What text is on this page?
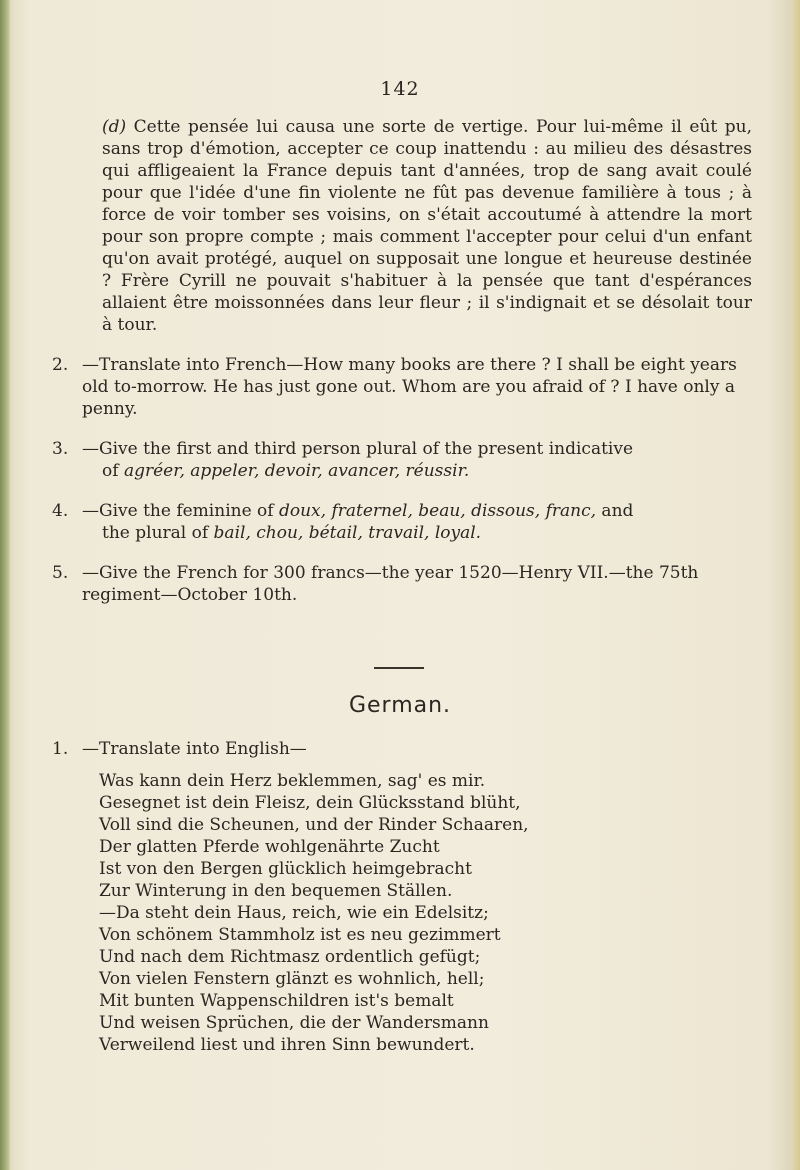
142

(d) Cette pensée lui causa une sorte de vertige. Pour lui-même il eût pu, sans trop d'émotion, accepter ce coup inattendu : au milieu des désastres qui affligeaient la France depuis tant d'années, trop de sang avait coulé pour que l'idée d'une fin violente ne fût pas devenue familière à tous ; à force de voir tomber ses voisins, on s'était accoutumé à attendre la mort pour son propre compte ; mais comment l'accepter pour celui d'un enfant qu'on avait protégé, auquel on supposait une longue et heureuse destinée ? Frère Cyrill ne pouvait s'habituer à la pensée que tant d'espérances allaient être moissonnées dans leur fleur ; il s'indignait et se désolait tour à tour.

2. —Translate into French—How many books are there ? I shall be eight years old to-morrow. He has just gone out. Whom are you afraid of ? I have only a penny.
3. —Give the first and third person plural of the present indicative
of agréer, appeler, devoir, avancer, réussir.
4. —Give the feminine of doux, fraternel, beau, dissous, franc, and
the plural of bail, chou, bétail, travail, loyal.
5. —Give the French for 300 francs—the year 1520—Henry VII.—the 75th regiment—October 10th.
German.
1. —Translate into English—
Was kann dein Herz beklemmen, sag' es mir.
Gesegnet ist dein Fleisz, dein Glücksstand blüht,
Voll sind die Scheunen, und der Rinder Schaaren,
Der glatten Pferde wohlgenährte Zucht
Ist von den Bergen glücklich heimgebracht
Zur Winterung in den bequemen Ställen.
—Da steht dein Haus, reich, wie ein Edelsitz;
Von schönem Stammholz ist es neu gezimmert
Und nach dem Richtmasz ordentlich gefügt;
Von vielen Fenstern glänzt es wohnlich, hell;
Mit bunten Wappenschildren ist's bemalt
Und weisen Sprüchen, die der Wandersmann
Verweilend liest und ihren Sinn bewundert.
